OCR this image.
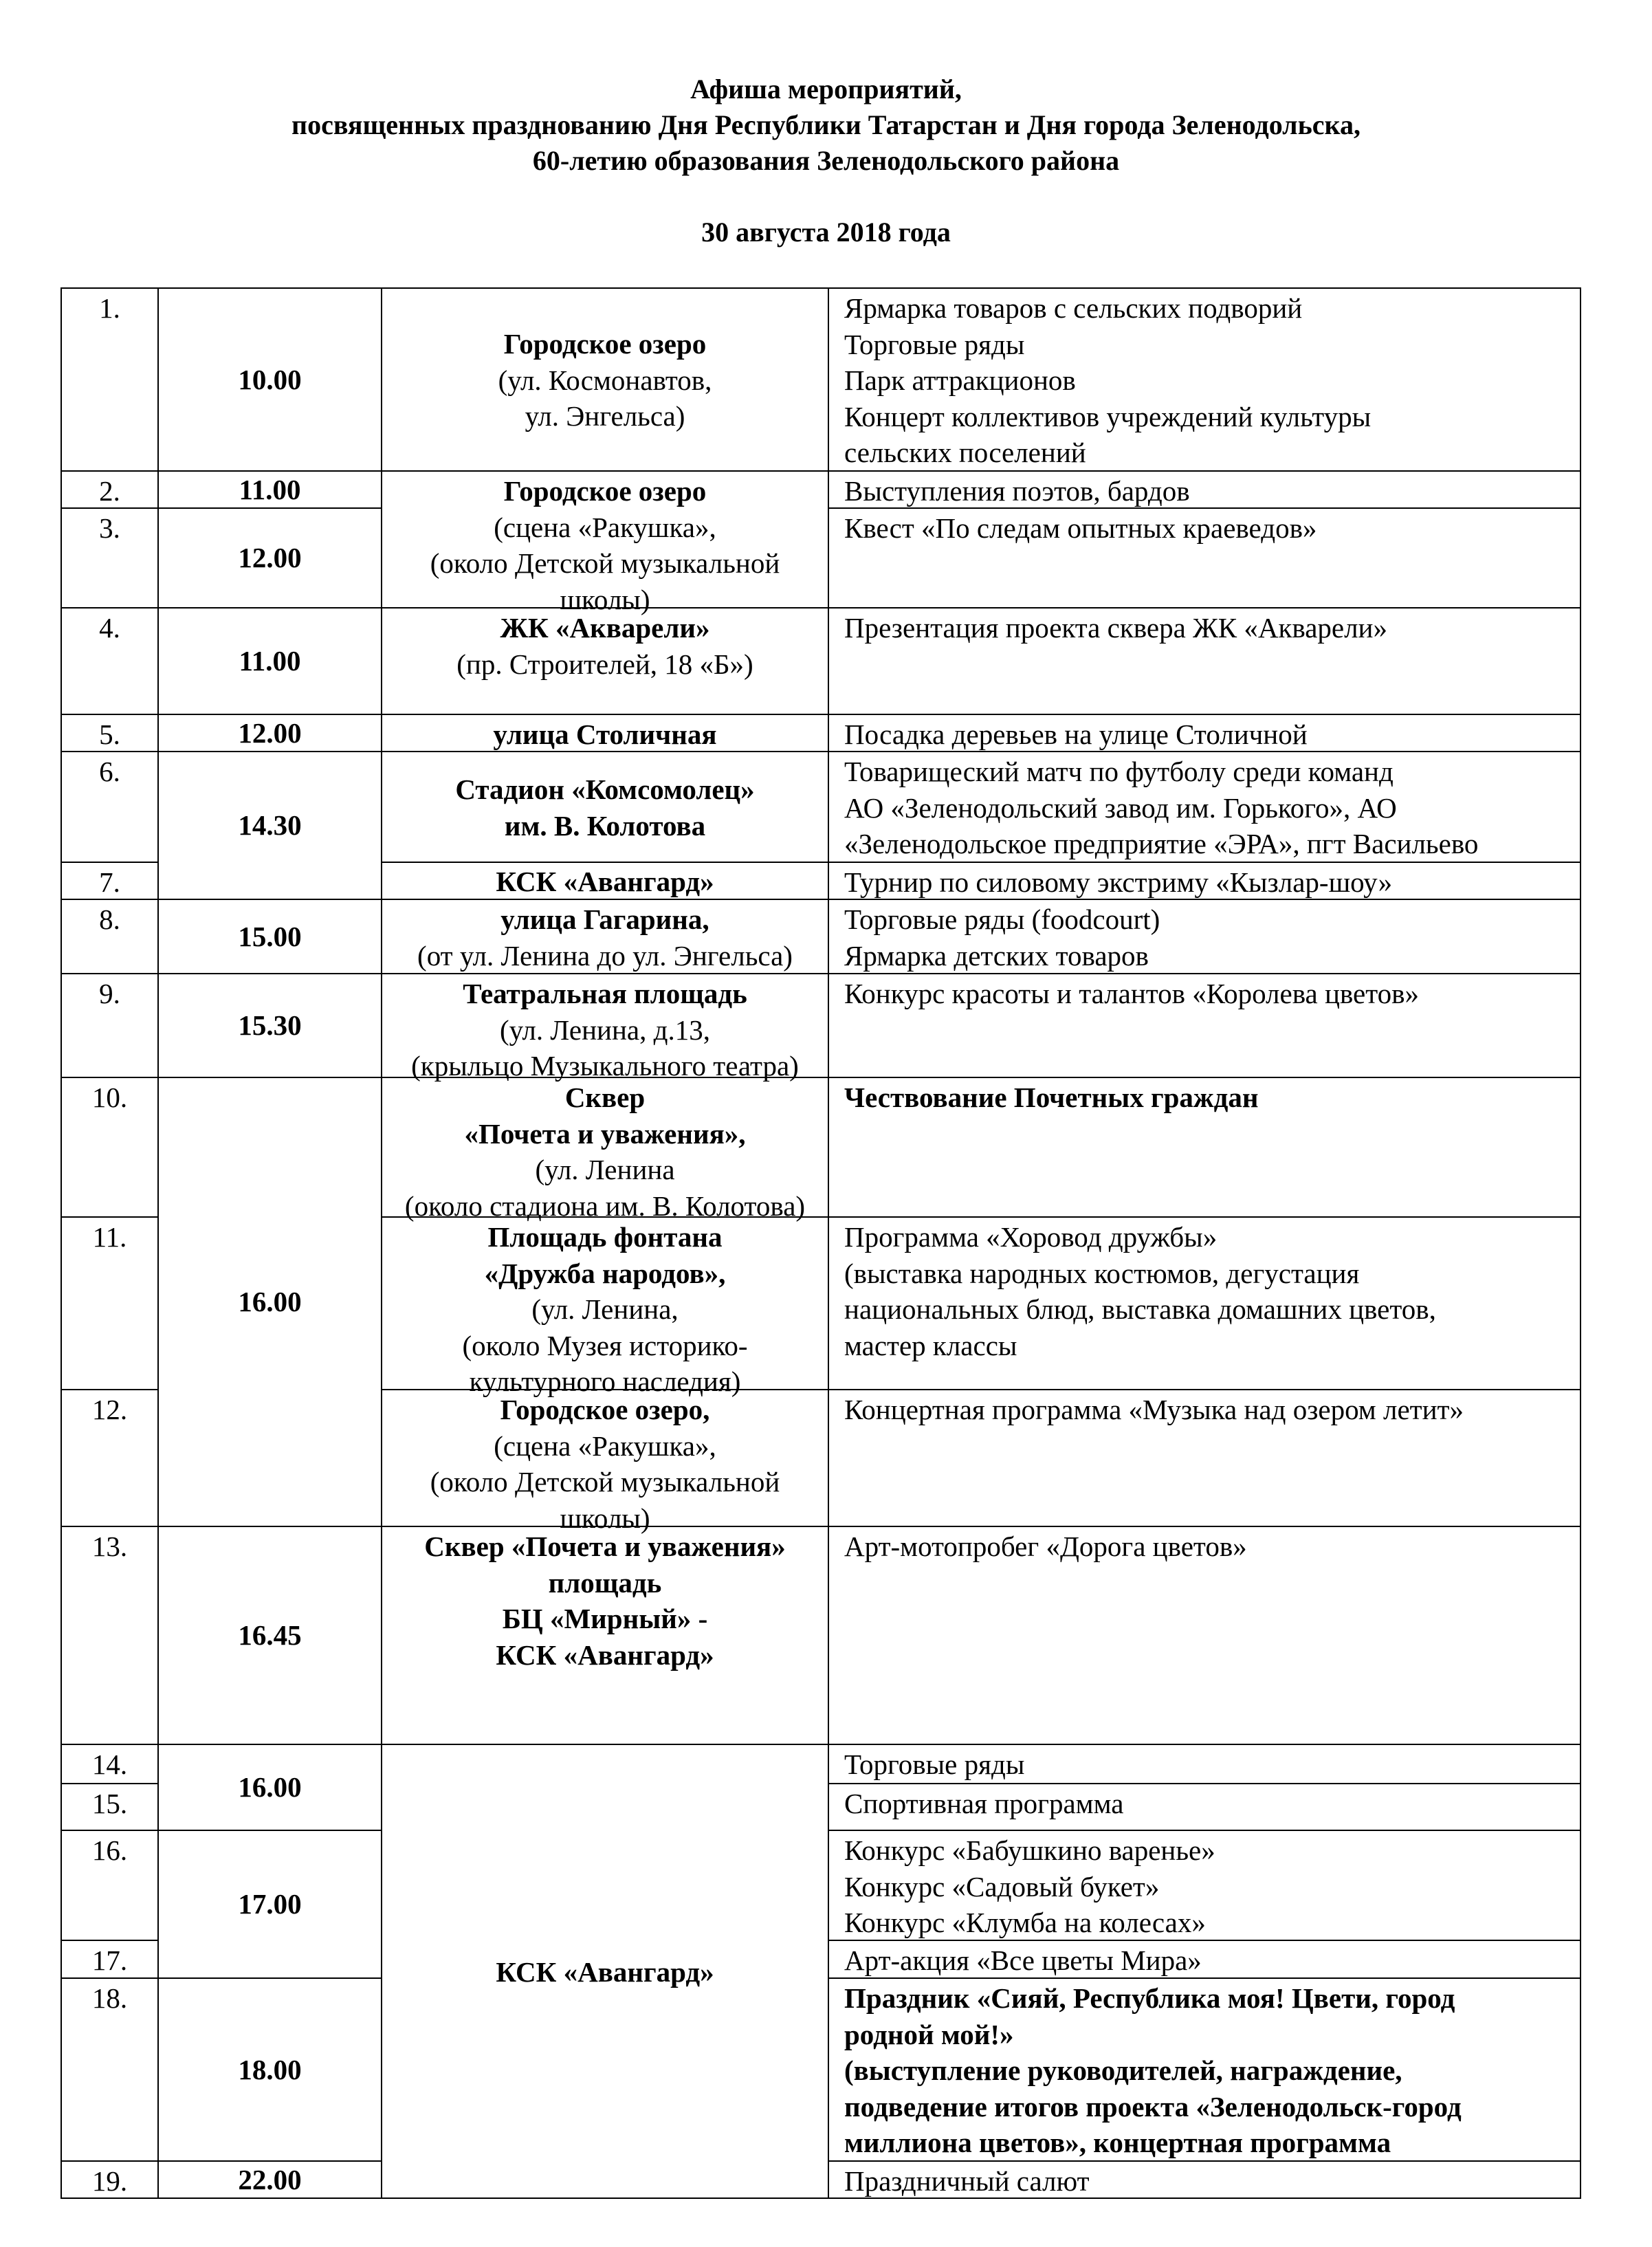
Афиша мероприятий,
посвященных празднованию Дня Республики Татарстан и Дня города Зеленодольска,
60-летию образования Зеленодольского района
30 августа 2018 года
1.
2.
3.
4.
5.
6.
7.
8.
9.
10.
11.
12.
13.
14.
15.
16.
17.
18.
19.
10.00
11.00
12.00
11.00
12.00
14.30
15.00
15.30
16.00
16.45
16.00
17.00
18.00
22.00
Городское озеро
(ул. Космонавтов,
ул. Энгельса)
Городское озеро
(сцена «Ракушка»,
(около Детской музыкальной
школы)
ЖК «Акварели»
(пр. Строителей, 18 «Б»)
улица Столичная
Стадион «Комсомолец»
им. В. Колотова
КСК «Авангард»
улица Гагарина,
(от ул. Ленина до ул. Энгельса)
Театральная площадь
(ул. Ленина, д.13,
(крыльцо Музыкального театра)
Сквер
«Почета и уважения»,
(ул. Ленина
(около стадиона им. В. Колотова)
Площадь фонтана
«Дружба народов»,
(ул. Ленина,
(около Музея историко-
культурного наследия)
Городское озеро,
(сцена «Ракушка»,
(около Детской музыкальной
школы)
Сквер «Почета и уважения»
площадь
БЦ «Мирный» -
КСК «Авангард»
КСК «Авангард»
Ярмарка товаров с сельских подворий
Торговые ряды
Парк аттракционов
Концерт коллективов учреждений культуры
сельских поселений
Выступления поэтов, бардов
Квест «По следам опытных краеведов»
Презентация проекта сквера ЖК «Акварели»
Посадка деревьев на улице Столичной
Товарищеский матч по футболу среди команд
АО «Зеленодольский завод им. Горького», АО
«Зеленодольское предприятие «ЭРА», пгт Васильево
Турнир по силовому экстриму «Кызлар-шоу»
Торговые ряды (foodcourt)
Ярмарка детских товаров
Конкурс красоты и талантов «Королева цветов»
Чествование Почетных граждан
Программа «Хоровод дружбы»
(выставка народных костюмов, дегустация
национальных блюд, выставка домашних цветов,
мастер классы
Концертная программа «Музыка над озером летит»
Арт-мотопробег «Дорога цветов»
Торговые ряды
Спортивная программа
Конкурс «Бабушкино варенье»
Конкурс «Садовый букет»
Конкурс «Клумба на колесах»
Арт-акция «Все цветы Мира»
Праздник «Сияй, Республика моя! Цвети, город
родной мой!»
(выступление руководителей, награждение,
подведение итогов проекта «Зеленодольск-город
миллиона цветов», концертная программа
Праздничный салют
